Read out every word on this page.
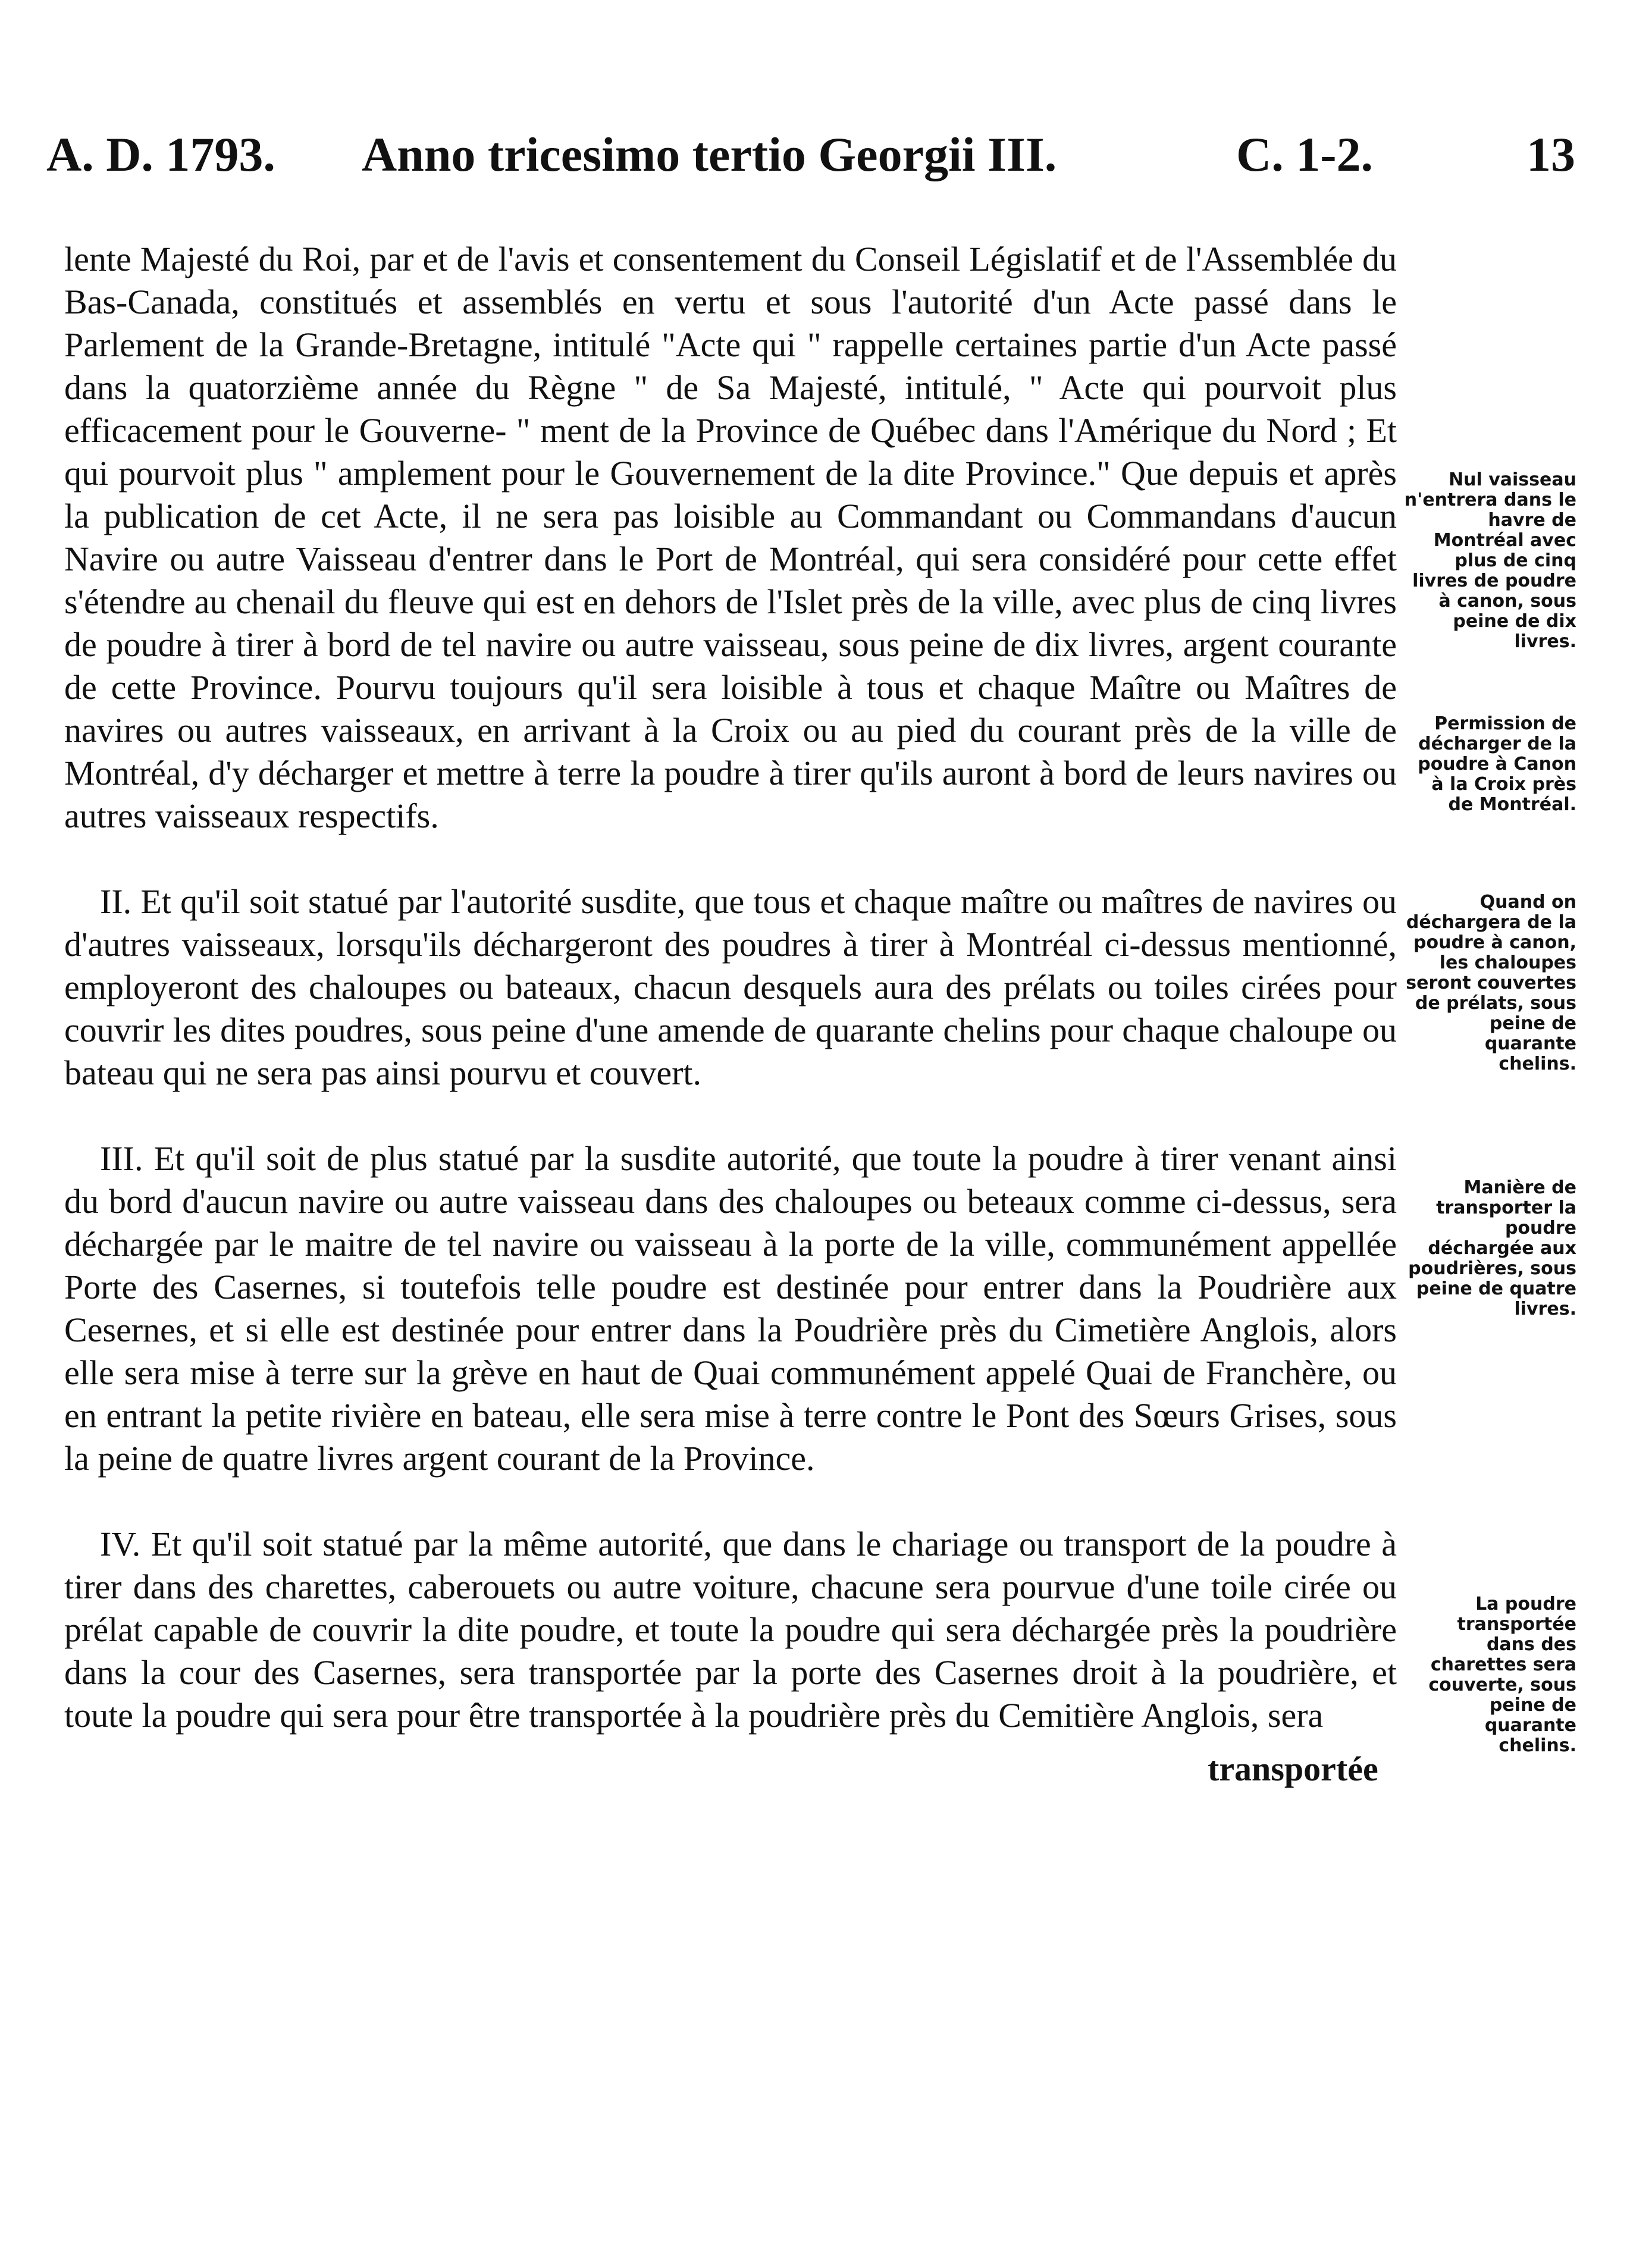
A. D. 1793. Anno tricesimo tertio Georgii III.	C. 1-2.	13

lente Majesté du Roi, par et de l'avis et consentement du Conseil Législatif et de l'Assemblée du Bas-Canada, constitués et assemblés en vertu et sous l'autorité d'un Acte passé dans le Parlement de la Grande-Bretagne, intitulé "Acte qui " rappelle certaines partie d'un Acte passé dans la quatorzième année du Règne " de Sa Majesté, intitulé, " Acte qui pourvoit plus efficacement pour le Gouverne- " ment de la Province de Québec dans l'Amérique du Nord ; Et qui pourvoit plus " amplement pour le Gouvernement de la dite Province." Que depuis et après la publication de cet Acte, il ne sera pas loisible au Commandant ou Commandans d'aucun Navire ou autre Vaisseau d'entrer dans le Port de Montréal, qui sera considéré pour cette effet s'étendre au chenail du fleuve qui est en dehors de l'Islet près de la ville, avec plus de cinq livres de poudre à tirer à bord de tel navire ou autre vaisseau, sous peine de dix livres, argent courante de cette Province. Pourvu toujours qu'il sera loisible à tous et chaque Maître ou Maîtres de navires ou autres vaisseaux, en arrivant à la Croix ou au pied du courant près de la ville de Montréal, d'y décharger et mettre à terre la poudre à tirer qu'ils auront à bord de leurs navires ou autres vaisseaux respectifs.

II. Et qu'il soit statué par l'autorité susdite, que tous et chaque maître ou maîtres de navires ou d'autres vaisseaux, lorsqu'ils déchargeront des poudres à tirer à Montréal ci-dessus mentionné, employeront des chaloupes ou bateaux, chacun desquels aura des prélats ou toiles cirées pour couvrir les dites poudres, sous peine d'une amende de quarante chelins pour chaque chaloupe ou bateau qui ne sera pas ainsi pourvu et couvert.

III. Et qu'il soit de plus statué par la susdite autorité, que toute la poudre à tirer venant ainsi du bord d'aucun navire ou autre vaisseau dans des chaloupes ou beteaux comme ci-dessus, sera déchargée par le maitre de tel navire ou vaisseau à la porte de la ville, communément appellée Porte des Casernes, si toutefois telle poudre est destinée pour entrer dans la Poudrière aux Cesernes, et si elle est destinée pour entrer dans la Poudrière près du Cimetière Anglois, alors elle sera mise à terre sur la grève en haut de Quai communément appelé Quai de Franchère, ou en entrant la petite rivière en bateau, elle sera mise à terre contre le Pont des Sœurs Grises, sous la peine de quatre livres argent courant de la Province.

IV. Et qu'il soit statué par la même autorité, que dans le chariage ou transport de la poudre à tirer dans des charettes, caberouets ou autre voiture, chacune sera pourvue d'une toile cirée ou prélat capable de couvrir la dite poudre, et toute la poudre qui sera déchargée près la poudrière dans la cour des Casernes, sera transportée par la porte des Casernes droit à la poudrière, et toute la poudre qui sera pour être transportée à la poudrière près du Cemitière Anglois, sera

transportée
Nul vaisseau n'entrera dans le havre de Montréal avec plus de cinq livres de poudre à canon, sous peine de dix livres.
Permission de décharger de la poudre à Canon à la Croix près de Montréal.
Quand on déchargera de la poudre à canon, les chaloupes seront couvertes de prélats, sous peine de quarante chelins.
Manière de transporter la poudre déchargée aux poudrières, sous peine de quatre livres.
La poudre transportée dans des charettes sera couverte, sous peine de quarante chelins.
